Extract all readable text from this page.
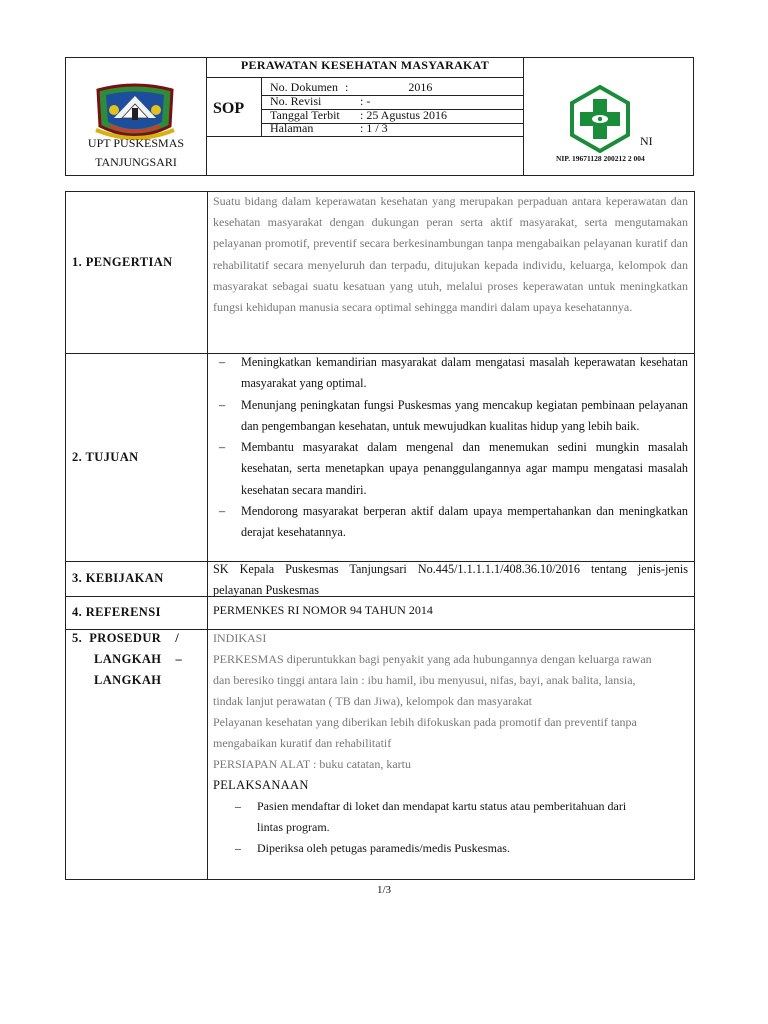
PERAWATAN KESEHATAN MASYARAKAT
SOP
No. Dokumen :                    2016
No. Revisi	: -
Tanggal Terbit : 25 Agustus 2016
Halaman	: 1 / 3
UPT PUSKESMAS
TANJUNGSARI
NI
NIP. 19671128 200212 2 004
1. PENGERTIAN
Suatu bidang dalam keperawatan kesehatan yang merupakan perpaduan antara keperawatan dan kesehatan masyarakat dengan dukungan peran serta aktif masyarakat, serta mengutamakan pelayanan promotif, preventif secara berkesinambungan tanpa mengabaikan pelayanan kuratif dan rehabilitatif secara menyeluruh dan terpadu, ditujukan kepada individu, keluarga, kelompok dan masyarakat sebagai suatu kesatuan yang utuh, melalui proses keperawatan untuk meningkatkan fungsi kehidupan manusia secara optimal sehingga mandiri dalam upaya kesehatannya.
2. TUJUAN
– Meningkatkan kemandirian masyarakat dalam mengatasi masalah keperawatan kesehatan masyarakat yang optimal.
– Menunjang peningkatan fungsi Puskesmas yang mencakup kegiatan pembinaan pelayanan dan pengembangan kesehatan, untuk mewujudkan kualitas hidup yang lebih baik.
– Membantu masyarakat dalam mengenal dan menemukan sedini mungkin masalah kesehatan, serta menetapkan upaya penanggulangannya agar mampu mengatasi masalah kesehatan secara mandiri.
– Mendorong masyarakat berperan aktif dalam upaya mempertahankan dan meningkatkan derajat kesehatannya.
3. KEBIJAKAN
SK Kepala Puskesmas Tanjungsari No.445/1.1.1.1.1/408.36.10/2016 tentang jenis-jenis pelayanan Puskesmas
4. REFERENSI	PERMENKES RI NOMOR 94 TAHUN 2014
5.  PROSEDUR    /
LANGKAH    –
LANGKAH
INDIKASI
PERKESMAS diperuntukkan bagi penyakit yang ada hubungannya dengan keluarga rawan dan beresiko tinggi antara lain : ibu hamil, ibu menyusui, nifas, bayi, anak balita, lansia, tindak lanjut perawatan ( TB dan Jiwa), kelompok dan masyarakat
Pelayanan kesehatan yang diberikan lebih difokuskan pada promotif dan preventif tanpa mengabaikan kuratif dan rehabilitatif
PERSIAPAN ALAT : buku catatan, kartu
PELAKSANAAN
– Pasien mendaftar di loket dan mendapat kartu status atau pemberitahuan dari lintas program.
– Diperiksa oleh petugas paramedis/medis Puskesmas.
1/3
